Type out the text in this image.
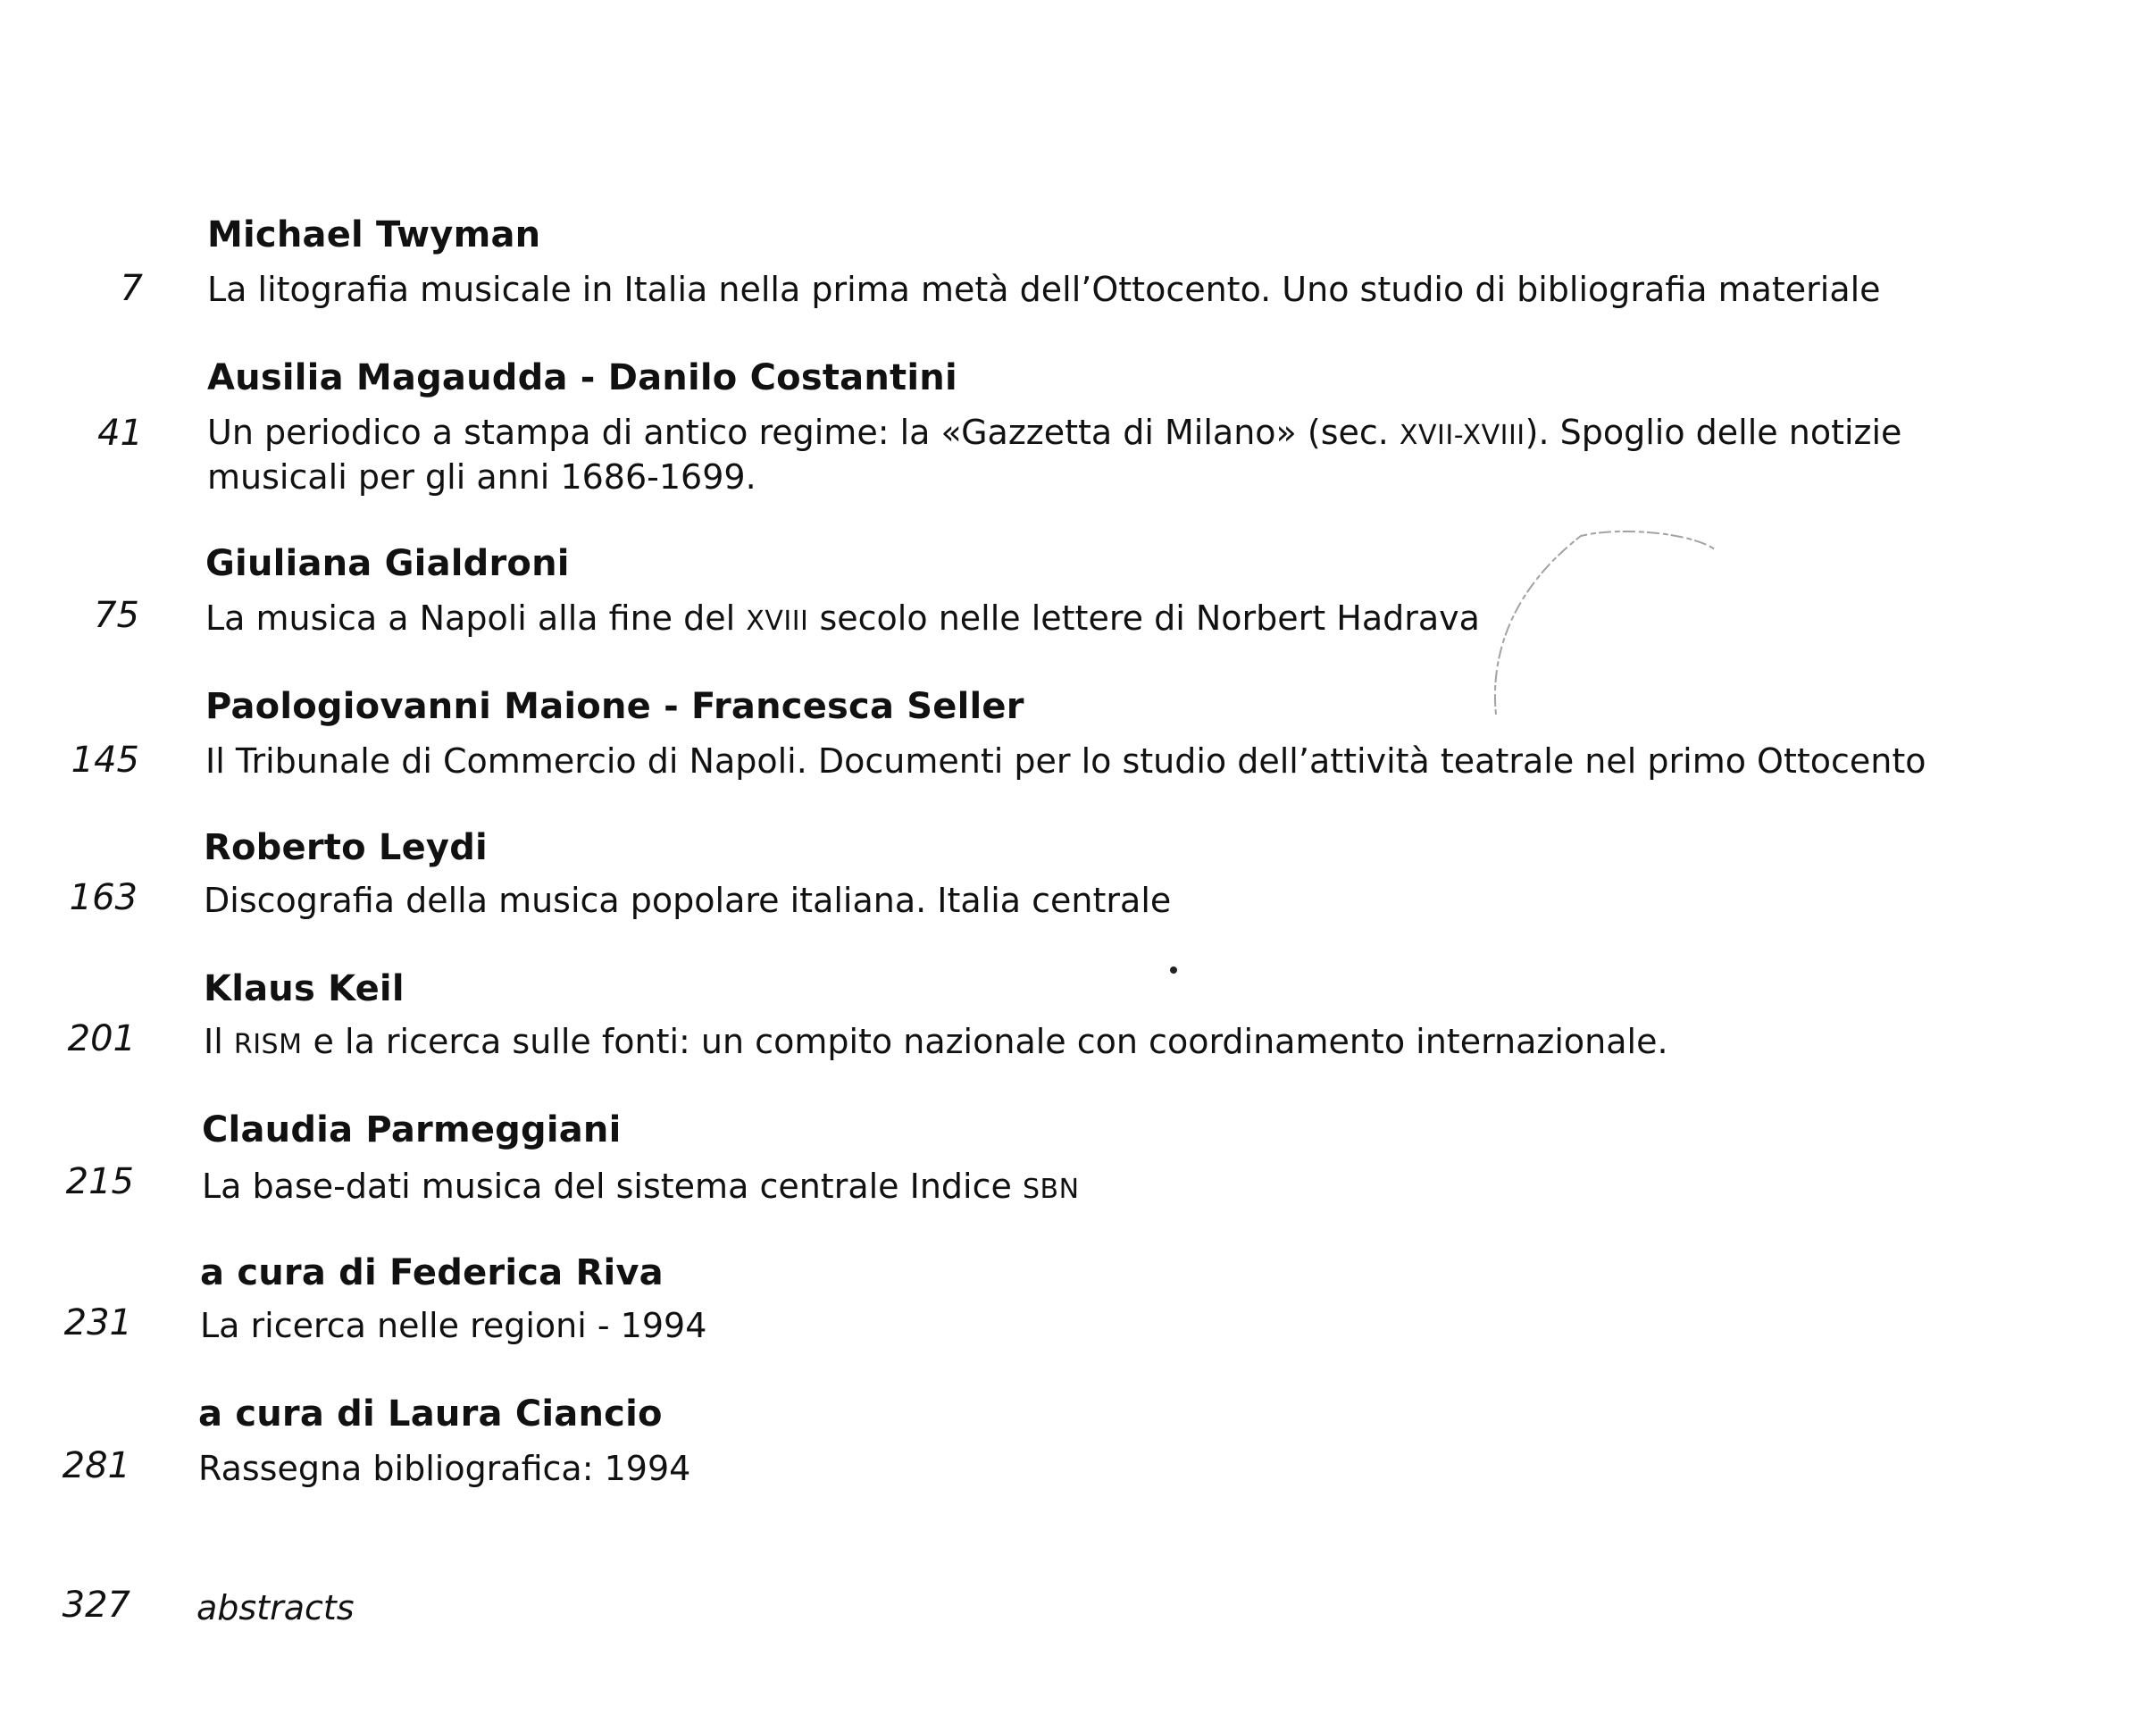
Michael Twyman
7 La litografia musicale in Italia nella prima metà dell’Ottocento. Uno studio di bibliografia materiale
Ausilia Magaudda - Danilo Costantini
41 Un periodico a stampa di antico regime: la «Gazzetta di Milano» (sec. XVII-XVIII). Spoglio delle notizie
musicali per gli anni 1686-1699.
Giuliana Gialdroni
75 La musica a Napoli alla fine del XVIII secolo nelle lettere di Norbert Hadrava
Paologiovanni Maione - Francesca Seller
145 Il Tribunale di Commercio di Napoli. Documenti per lo studio dell’attività teatrale nel primo Ottocento
Roberto Leydi
163 Discografia della musica popolare italiana. Italia centrale
Klaus Keil
201 Il RISM e la ricerca sulle fonti: un compito nazionale con coordinamento internazionale.
Claudia Parmeggiani
215 La base-dati musica del sistema centrale Indice SBN
a cura di Federica Riva
231 La ricerca nelle regioni - 1994
a cura di Laura Ciancio
281 Rassegna bibliografica: 1994
327 abstracts
